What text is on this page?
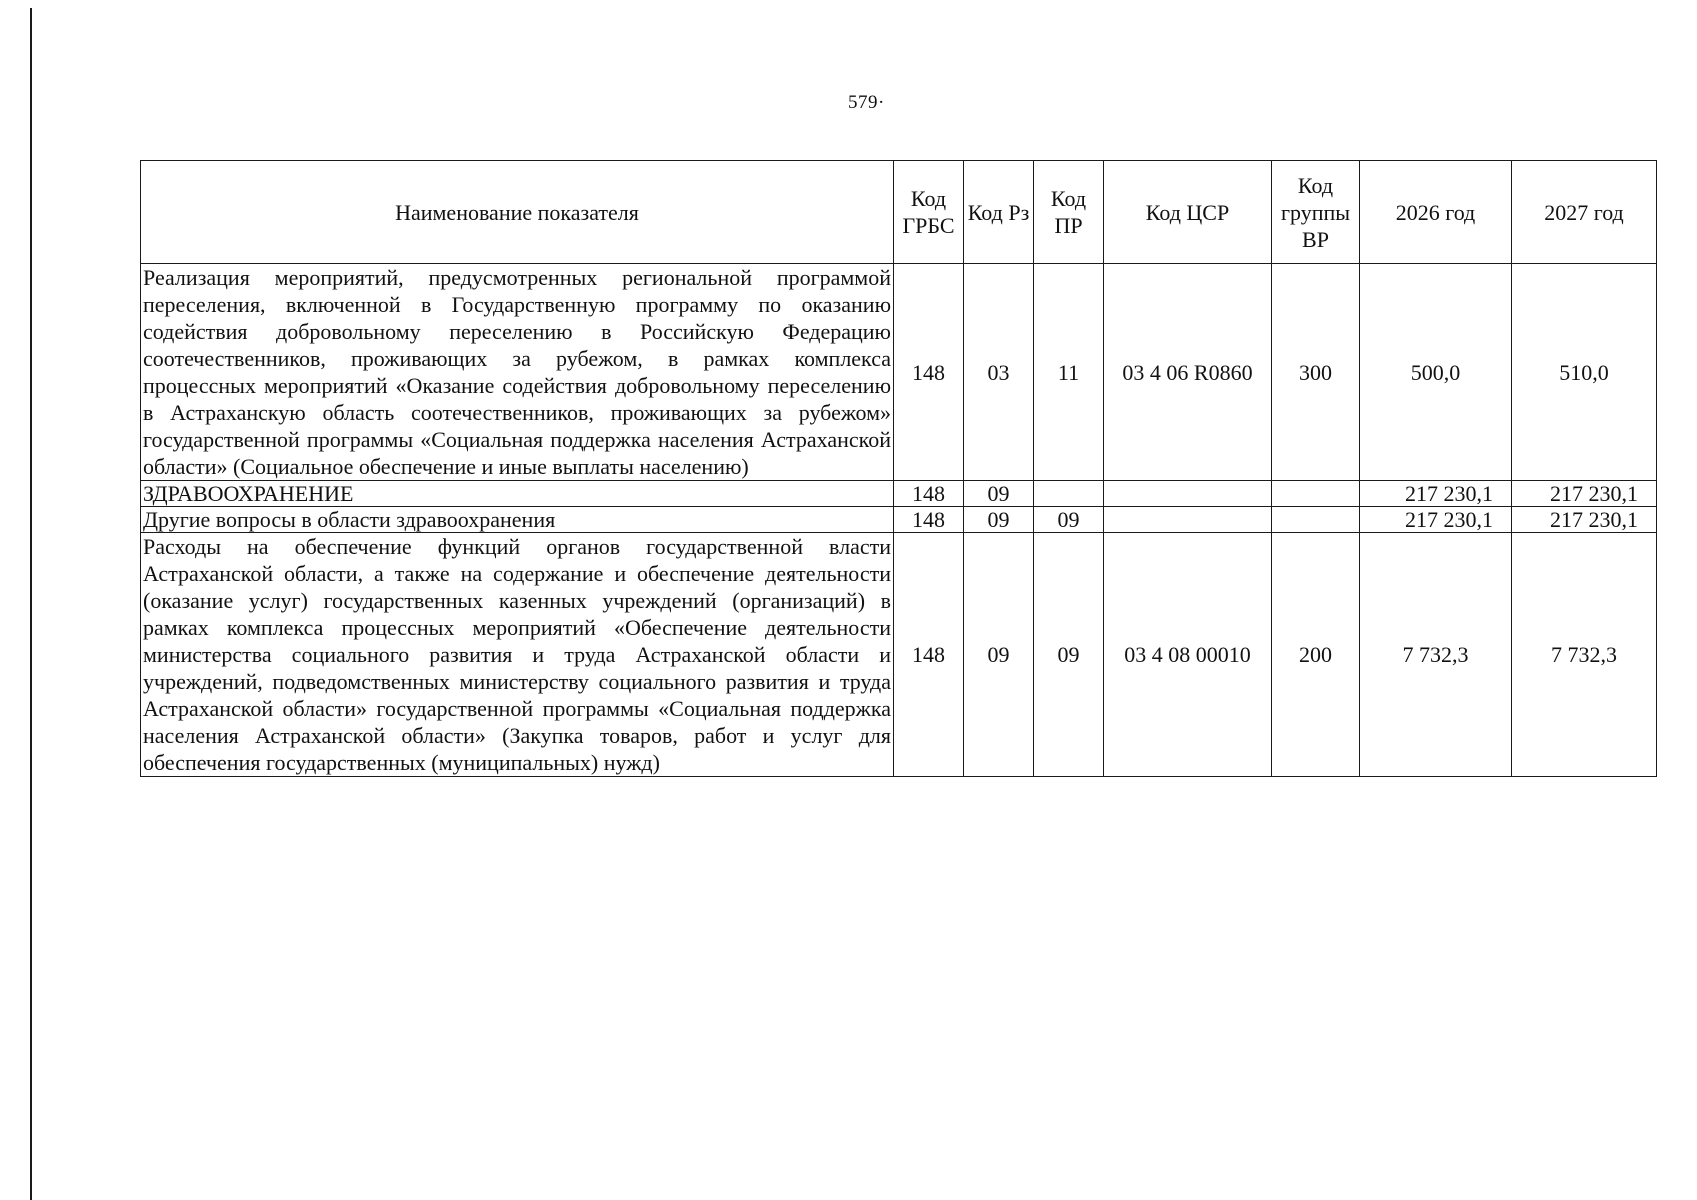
579·
Наименование показателя	Код ГРБС	Код Рз	Код ПР	Код ЦСР	Код группы ВР	2026 год	2027 год
Реализация мероприятий, предусмотренных региональной программой переселения, включенной в Государственную программу по оказанию содействия добровольному переселению в Российскую Федерацию соотечественников, проживающих за рубежом, в рамках комплекса процессных мероприятий «Оказание содействия добровольному переселению в Астраханскую область соотечественников, проживающих за рубежом» государственной программы «Социальная поддержка населения Астраханской области» (Социальное обеспечение и иные выплаты населению)	148	03	11	03 4 06 R0860	300	500,0	510,0
ЗДРАВООХРАНЕНИЕ	148	09				217 230,1	217 230,1
Другие вопросы в области здравоохранения	148	09	09			217 230,1	217 230,1
Расходы на обеспечение функций органов государственной власти Астраханской области, а также на содержание и обеспечение деятельности (оказание услуг) государственных казенных учреждений (организаций) в рамках комплекса процессных мероприятий «Обеспечение деятельности министерства социального развития и труда Астраханской области и учреждений, подведомственных министерству социального развития и труда Астраханской области» государственной программы «Социальная поддержка населения Астраханской области» (Закупка товаров, работ и услуг для обеспечения государственных (муниципальных) нужд)	148	09	09	03 4 08 00010	200	7 732,3	7 732,3
